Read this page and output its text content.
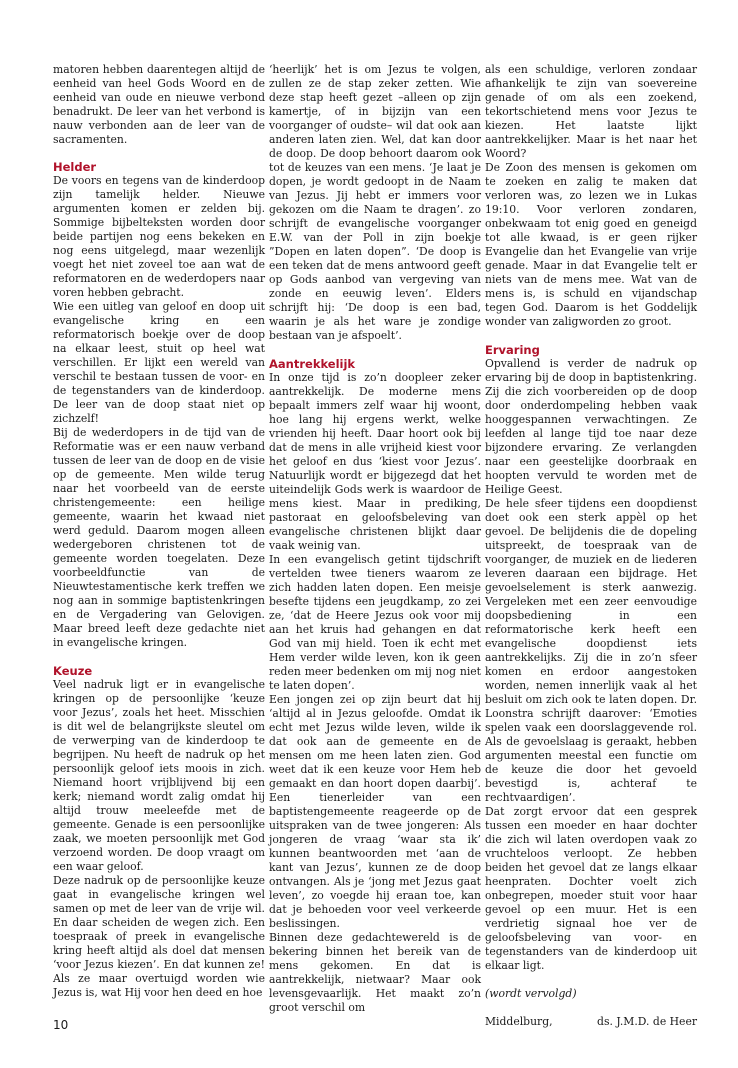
matoren hebben daarentegen altijd de eenheid van heel Gods Woord en de eenheid van oude en nieuwe verbond benadrukt. De leer van het verbond is nauw verbonden aan de leer van de sacramenten.

Helder

De voors en tegens van de kinderdoop zijn tamelijk helder. Nieuwe argumenten komen er zelden bij. Sommige bijbelteksten worden door beide partijen nog eens bekeken en nog eens uitgelegd, maar wezenlijk voegt het niet zoveel toe aan wat de reformatoren en de wederdopers naar voren hebben gebracht.

Wie een uitleg van geloof en doop uit evangelische kring en een reformatorisch boekje over de doop na elkaar leest, stuit op heel wat verschillen. Er lijkt een wereld van verschil te bestaan tussen de voor- en de tegenstanders van de kinderdoop. De leer van de doop staat niet op zichzelf!

Bij de wederdopers in de tijd van de Reformatie was er een nauw verband tussen de leer van de doop en de visie op de gemeente. Men wilde terug naar het voorbeeld van de eerste christengemeente: een heilige gemeente, waarin het kwaad niet werd geduld. Daarom mogen alleen wedergeboren christenen tot de gemeente worden toegelaten. Deze voorbeeldfunctie van de Nieuwtestamentische kerk treffen we nog aan in sommige baptistenkringen en de Vergadering van Gelovigen. Maar breed leeft deze gedachte niet in evangelische kringen.

Keuze

Veel nadruk ligt er in evangelische kringen op de persoonlijke ‘keuze voor Jezus’, zoals het heet. Misschien is dit wel de belangrijkste sleutel om de verwerping van de kinderdoop te begrijpen. Nu heeft de nadruk op het persoonlijk geloof iets moois in zich. Niemand hoort vrijblijvend bij een kerk; niemand wordt zalig omdat hij altijd trouw meeleefde met de gemeente. Genade is een persoonlijke zaak, we moeten persoonlijk met God verzoend worden. De doop vraagt om een waar geloof.

Deze nadruk op de persoonlijke keuze gaat in evangelische kringen wel samen op met de leer van de vrije wil. En daar scheiden de wegen zich. Een toespraak of preek in evangelische kring heeft altijd als doel dat mensen ‘voor Jezus kiezen’. En dat kunnen ze! Als ze maar overtuigd worden wie Jezus is, wat Hij voor hen deed en hoe

‘heerlijk’ het is om Jezus te volgen, zullen ze de stap zeker zetten. Wie deze stap heeft gezet –alleen op zijn kamertje, of in bijzijn van een voorganger of oudste– wil dat ook aan anderen laten zien. Wel, dat kan door de doop. De doop behoort daarom ook tot de keuzes van een mens. ‘Je laat je dopen, je wordt gedoopt in de Naam van Jezus. Jij hebt er immers voor gekozen om die Naam te dragen’. zo schrijft de evangelische voorganger E.W. van der Poll in zijn boekje ”Dopen en laten dopen”. ‘De doop is een teken dat de mens antwoord geeft op Gods aanbod van vergeving van zonde en eeuwig leven’. Elders schrijft hij: ‘De doop is een bad, waarin je als het ware je zondige bestaan van je afspoelt’.

Aantrekkelijk

In onze tijd is zo’n doopleer zeker aantrekkelijk. De moderne mens bepaalt immers zelf waar hij woont, hoe lang hij ergens werkt, welke vrienden hij heeft. Daar hoort ook bij dat de mens in alle vrijheid kiest voor het geloof en dus ‘kiest voor Jezus’. Natuurlijk wordt er bijgezegd dat het uiteindelijk Gods werk is waardoor de mens kiest. Maar in prediking, pastoraat en geloofsbeleving van evangelische christenen blijkt daar vaak weinig van.

In een evangelisch getint tijdschrift vertelden twee tieners waarom ze zich hadden laten dopen. Een meisje besefte tijdens een jeugdkamp, zo zei ze, ‘dat de Heere Jezus ook voor mij aan het kruis had gehangen en dat God van mij hield. Toen ik echt met Hem verder wilde leven, kon ik geen reden meer bedenken om mij nog niet te laten dopen’.

Een jongen zei op zijn beurt dat hij ‘altijd al in Jezus geloofde. Omdat ik echt met Jezus wilde leven, wilde ik dat ook aan de gemeente en de mensen om me heen laten zien. God weet dat ik een keuze voor Hem heb gemaakt en dan hoort dopen daarbij’. Een tienerleider van een baptistengemeente reageerde op de uitspraken van de twee jongeren: Als jongeren de vraag ‘waar sta ik’ kunnen beantwoorden met ‘aan de kant van Jezus’, kunnen ze de doop ontvangen. Als je ‘jong met Jezus gaat leven’, zo voegde hij eraan toe, kan dat je behoeden voor veel verkeerde beslissingen.

Binnen deze gedachtewereld is de bekering binnen het bereik van de mens gekomen. En dat is aantrekkelijk, nietwaar? Maar ook levensgevaarlijk. Het maakt zo’n groot verschil om

als een schuldige, verloren zondaar afhankelijk te zijn van soevereine genade of om als een zoekend, tekortschietend mens voor Jezus te kiezen. Het laatste lijkt aantrekkelijker. Maar is het naar het Woord?

De Zoon des mensen is gekomen om te zoeken en zalig te maken dat verloren was, zo lezen we in Lukas 19:10. Voor verloren zondaren, onbekwaam tot enig goed en geneigd tot alle kwaad, is er geen rijker Evangelie dan het Evangelie van vrije genade. Maar in dat Evangelie telt er niets van de mens mee. Wat van de mens is, is schuld en vijandschap tegen God. Daarom is het Goddelijk wonder van zaligworden zo groot.

Ervaring

Opvallend is verder de nadruk op ervaring bij de doop in baptistenkring. Zij die zich voorbereiden op de doop door onderdompeling hebben vaak hooggespannen verwachtingen. Ze leefden al lange tijd toe naar deze bijzondere ervaring. Ze verlangden naar een geestelijke doorbraak en hoopten vervuld te worden met de Heilige Geest.

De hele sfeer tijdens een doopdienst doet ook een sterk appèl op het gevoel. De belijdenis die de dopeling uitspreekt, de toespraak van de voorganger, de muziek en de liederen leveren daaraan een bijdrage. Het gevoelselement is sterk aanwezig. Vergeleken met een zeer eenvoudige doopsbediening in een reformatorische kerk heeft een evangelische doopdienst iets aantrekkelijks. Zij die in zo’n sfeer komen en erdoor aangestoken worden, nemen innerlijk vaak al het besluit om zich ook te laten dopen. Dr. Loonstra schrijft daarover: ‘Emoties spelen vaak een doorslaggevende rol. Als de gevoelslaag is geraakt, hebben argumenten meestal een functie om de keuze die door het gevoeld bevestigd is, achteraf te rechtvaardigen’.

Dat zorgt ervoor dat een gesprek tussen een moeder en haar dochter die zich wil laten overdopen vaak zo vruchteloos verloopt. Ze hebben beiden het gevoel dat ze langs elkaar heenpraten. Dochter voelt zich onbegrepen, moeder stuit voor haar gevoel op een muur. Het is een verdrietig signaal hoe ver de geloofsbeleving van voor- en tegenstanders van de kinderdoop uit elkaar ligt.

(wordt vervolgd)

Middelburg,	ds. J.M.D. de Heer

10
